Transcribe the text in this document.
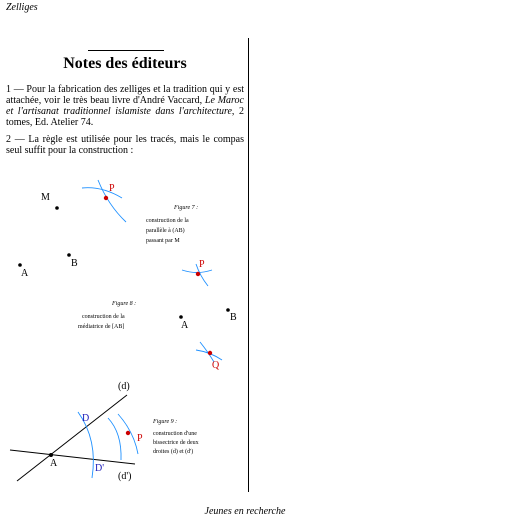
Zelliges
Notes des éditeurs
1 — Pour la fabrication des zelliges et la tradition qui y est attachée, voir le très beau livre d'André Vaccard, Le Maroc et l'artisanat traditionnel islamiste dans l'architecture, 2 tomes, Ed. Atelier 74.
2 — La règle est utilisée pour les tracés, mais le compas seul suffit pour la construction :
P
M
B
A
Figure 7 :
construction de la
parallèle à (AB)
passant par M
P
A
B
Q
Figure 8 :
construction de la
médiatrice de [AB]
(d)
(d')
A
D
D'
P
Figure 9 :
construction d'une
bissectrice de deux
droites (d) et (d')
Jeunes en recherche
